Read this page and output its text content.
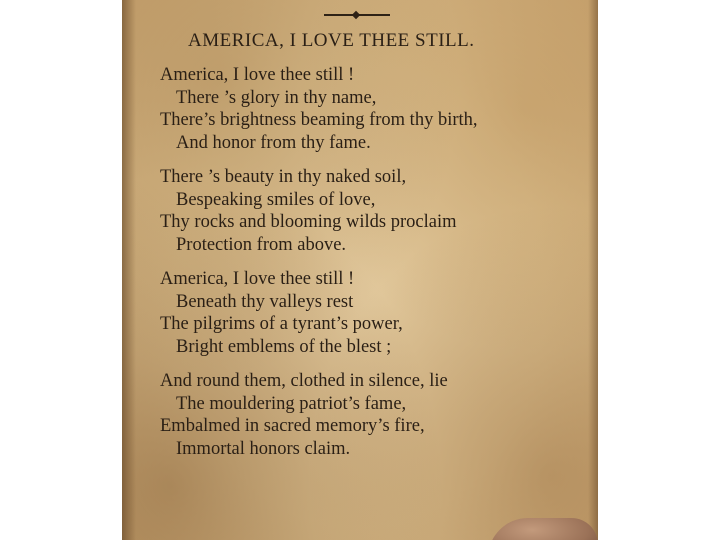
AMERICA, I LOVE THEE STILL.
America, I love thee still !
There ’s glory in thy name,
There’s brightness beaming from thy birth,
And honor from thy fame.
There ’s beauty in thy naked soil,
Bespeaking smiles of love,
Thy rocks and blooming wilds proclaim
Protection from above.
America, I love thee still !
Beneath thy valleys rest
The pilgrims of a tyrant’s power,
Bright emblems of the blest ;
And round them, clothed in silence, lie
The mouldering patriot’s fame,
Embalmed in sacred memory’s fire,
Immortal honors claim.
